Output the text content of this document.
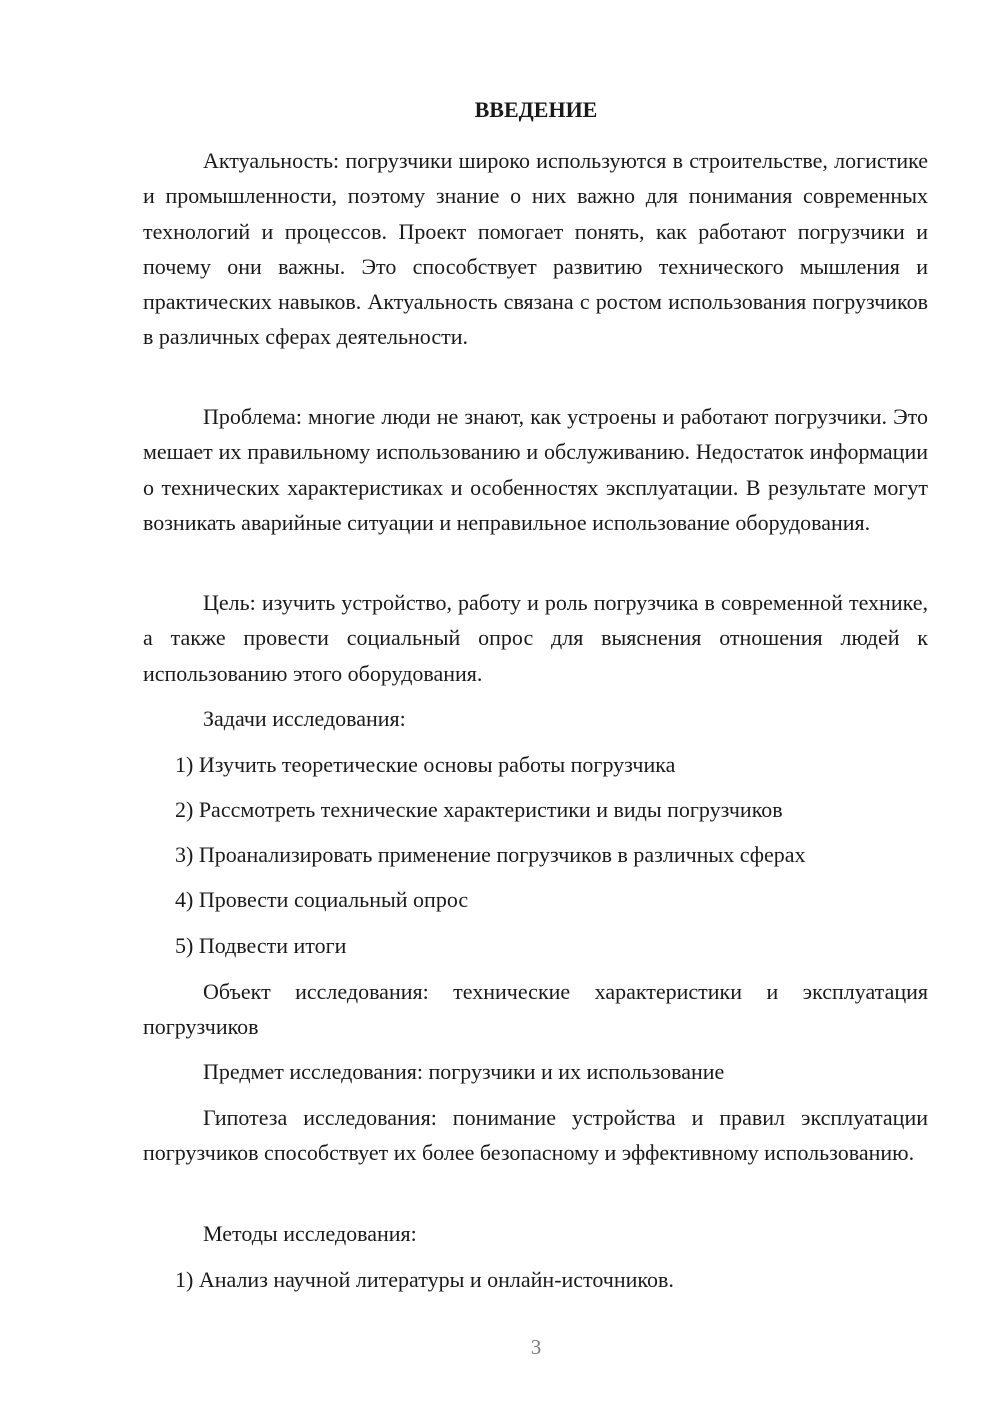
ВВЕДЕНИЕ

Актуальность: погрузчики широко используются в строительстве, логистике и промышленности, поэтому знание о них важно для понимания современных технологий и процессов. Проект помогает понять, как работают погрузчики и почему они важны. Это способствует развитию технического мышления и практических навыков. Актуальность связана с ростом использования погрузчиков в различных сферах деятельности.

Проблема: многие люди не знают, как устроены и работают погрузчики. Это мешает их правильному использованию и обслуживанию. Недостаток информации о технических характеристиках и особенностях эксплуатации. В результате могут возникать аварийные ситуации и неправильное использование оборудования.

Цель: изучить устройство, работу и роль погрузчика в современной технике, а также провести социальный опрос для выяснения отношения людей к использованию этого оборудования.

Задачи исследования:

1) Изучить теоретические основы работы погрузчика

2) Рассмотреть технические характеристики и виды погрузчиков

3) Проанализировать применение погрузчиков в различных сферах

4) Провести социальный опрос

5) Подвести итоги

Объект исследования: технические характеристики и эксплуатация погрузчиков

Предмет исследования: погрузчики и их использование

Гипотеза исследования: понимание устройства и правил эксплуатации погрузчиков способствует их более безопасному и эффективному использованию.

Методы исследования:

1) Анализ научной литературы и онлайн-источников.

3
